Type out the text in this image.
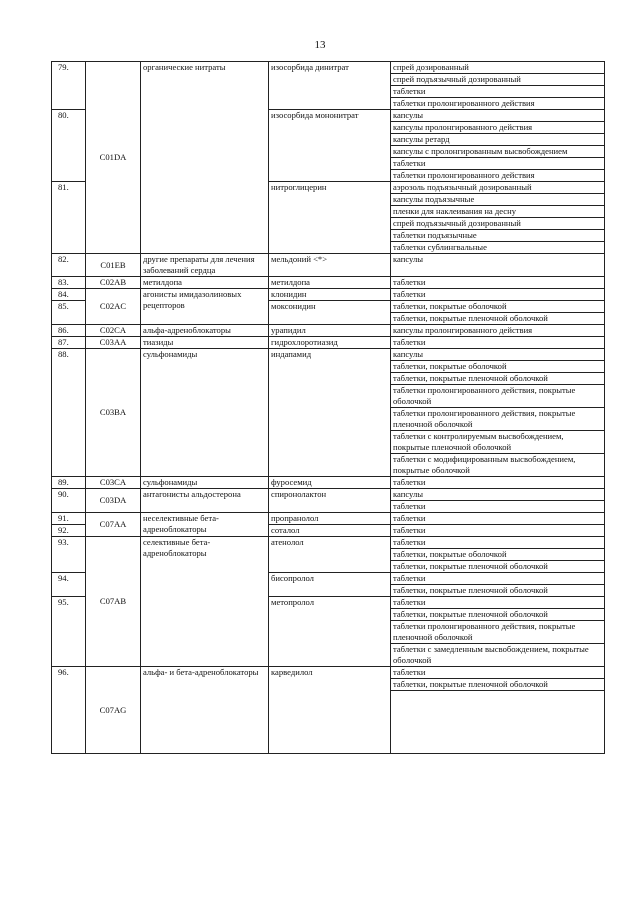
13
79.	C01DA	органические нитраты	изосорбида динитрат	спрей дозированный
				спрей подъязычный дозированный
				таблетки
				таблетки пролонгированного действия
80.			изосорбида мононитрат	капсулы
				капсулы пролонгированного действия
				капсулы ретард
				капсулы с пролонгированным высвобождением
				таблетки
				таблетки пролонгированного действия
81.			нитроглицерин	аэрозоль подъязычный дозированный
				капсулы подъязычные
				пленки для наклеивания на десну
				спрей подъязычный дозированный
				таблетки подъязычные
				таблетки сублингвальные
82.	C01EB	другие препараты для лечения заболеваний сердца	мельдоний <*>	капсулы
83.	C02AB	метилдопа	метилдопа	таблетки
84.	C02AC	агонисты имидазолиновых рецепторов	клонидин	таблетки
85.			моксонидин	таблетки, покрытые оболочкой
				таблетки, покрытые пленочной оболочкой
86.	C02CA	альфа-адреноблокаторы	урапидил	капсулы пролонгированного действия
87.	C03AA	тиазиды	гидрохлоротиазид	таблетки
88.	C03BA	сульфонамиды	индапамид	капсулы
				таблетки, покрытые оболочкой
				таблетки, покрытые пленочной оболочкой
				таблетки пролонгированного действия, покрытые оболочкой
				таблетки пролонгированного действия, покрытые пленочной оболочкой
				таблетки с контролируемым высвобождением, покрытые пленочной оболочкой
				таблетки с модифицированным высвобождением, покрытые оболочкой
89.	C03CA	сульфонамиды	фуросемид	таблетки
90.	C03DA	антагонисты альдостерона	спиронолактон	капсулы
				таблетки
91.	C07AA	неселективные бета-адреноблокаторы	пропранолол	таблетки
92.			соталол	таблетки
93.	C07AB	селективные бета-адреноблокаторы	атенолол	таблетки
				таблетки, покрытые оболочкой
				таблетки, покрытые пленочной оболочкой
94.			бисопролол	таблетки
				таблетки, покрытые пленочной оболочкой
95.			метопролол	таблетки
				таблетки, покрытые пленочной оболочкой
				таблетки пролонгированного действия, покрытые пленочной оболочкой
				таблетки с замедленным высвобождением, покрытые оболочкой
96.	C07AG	альфа- и бета-адреноблокаторы	карведилол	таблетки
				таблетки, покрытые пленочной оболочкой
